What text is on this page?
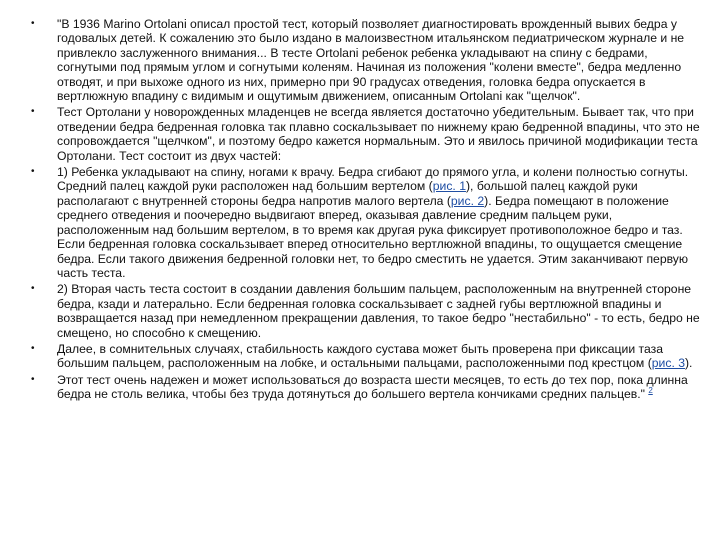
• "В 1936 Marino Ortolani описал простой тест, который позволяет диагностировать врожденный вывих бедра у годовалых детей. К сожалению это было издано в малоизвестном итальянском педиатрическом журнале и не привлекло заслуженного внимания... В тесте Ortolani ребенок ребенка укладывают на спину с бедрами, согнутыми под прямым углом и согнутыми коленям. Начиная из положения "колени вместе", бедра медленно отводят, и при выхоже одного из них, примерно при 90 градусах отведения, головка бедра опускается в вертлюжную впадину с видимым и ощутимым движением, описанным Ortolani как "щелчок".
• Тест Ортолани у новорожденных младенцев не всегда является достаточно убедительным. Бывает так, что при отведении бедра бедренная головка так плавно соскальзывает по нижнему краю бедренной впадины, что это не сопровождается "щелчком", и поэтому бедро кажется нормальным. Это и явилось причиной модификации теста Ортолани. Тест состоит из двух частей:
• 1) Ребенка укладывают на спину, ногами к врачу. Бедра сгибают до прямого угла, и колени полностью согнуты. Средний палец каждой руки расположен над большим вертелом (рис. 1), большой палец каждой руки располагают с внутренней стороны бедра напротив малого вертела (рис. 2). Бедра помещают в положение среднего отведения и поочередно выдвигают вперед, оказывая давление средним пальцем руки, расположенным над большим вертелом, в то время как другая рука фиксирует противоположное бедро и таз. Если бедренная головка соскальзывает вперед относительно вертлюжной впадины, то ощущается смещение бедра. Если такого движения бедренной головки нет, то бедро сместить не удается. Этим заканчивают первую часть теста.
• 2) Вторая часть теста состоит в создании давления большим пальцем, расположенным на внутренней стороне бедра, кзади и латерально. Если бедренная головка соскальзывает с задней губы вертлюжной впадины и возвращается назад при немедленном прекращении давления, то такое бедро "нестабильно" - то есть, бедро не смещено, но способно к смещению.
• Далее, в сомнительных случаях, стабильность каждого сустава может быть проверена при фиксации таза большим пальцем, расположенным на лобке, и остальными пальцами, расположенными под крестцом (рис. 3).
• Этот тест очень надежен и может использоваться до возраста шести месяцев, то есть до тех пор, пока длинна бедра не столь велика, чтобы без труда дотянуться до большего вертела кончиками средних пальцев." $^2$
